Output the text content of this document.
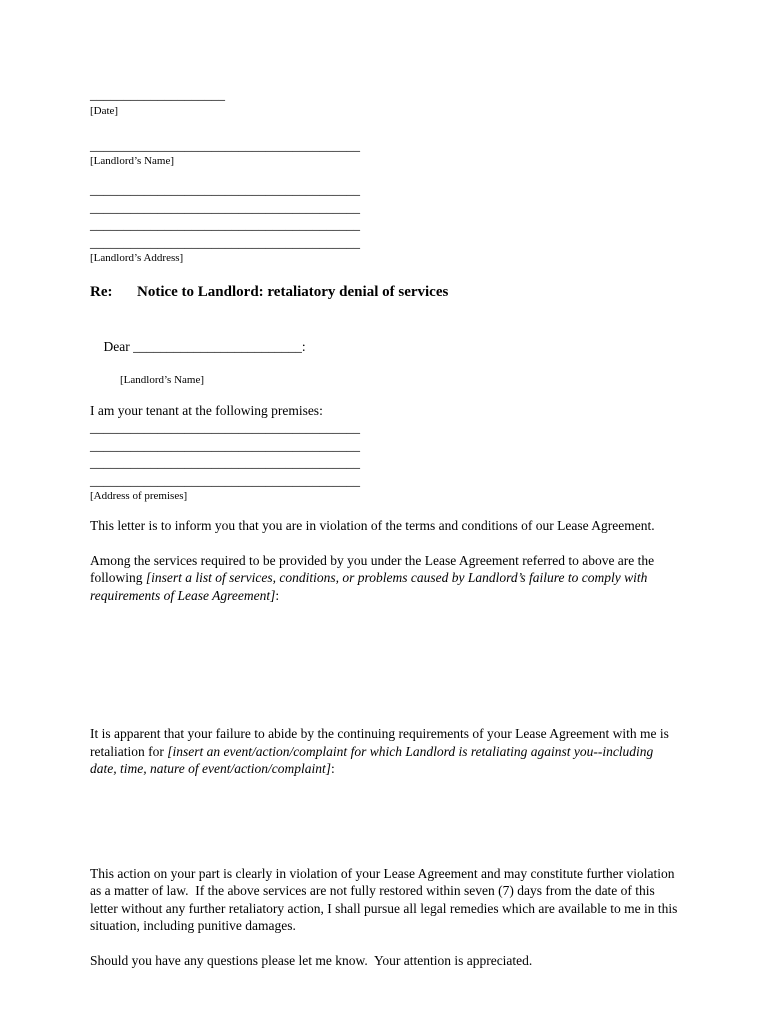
____________________
[Date]
________________________________________
[Landlord’s Name]
________________________________________
________________________________________
________________________________________
________________________________________
[Landlord’s Address]
Re: Notice to Landlord: retaliatory denial of services

Dear _________________________:

[Landlord’s Name]
I am your tenant at the following premises:
________________________________________
________________________________________
________________________________________
________________________________________
[Address of premises]

This letter is to inform you that you are in violation of the terms and conditions of our Lease Agreement.

Among the services required to be provided by you under the Lease Agreement referred to above are the following [insert a list of services, conditions, or problems caused by Landlord’s failure to comply with requirements of Lease Agreement]:

It is apparent that your failure to abide by the continuing requirements of your Lease Agreement with me is retaliation for [insert an event/action/complaint for which Landlord is retaliating against you--including date, time, nature of event/action/complaint]:

This action on your part is clearly in violation of your Lease Agreement and may constitute further violation as a matter of law.  If the above services are not fully restored within seven (7) days from the date of this letter without any further retaliatory action, I shall pursue all legal remedies which are available to me in this situation, including punitive damages.

Should you have any questions please let me know.  Your attention is appreciated.
